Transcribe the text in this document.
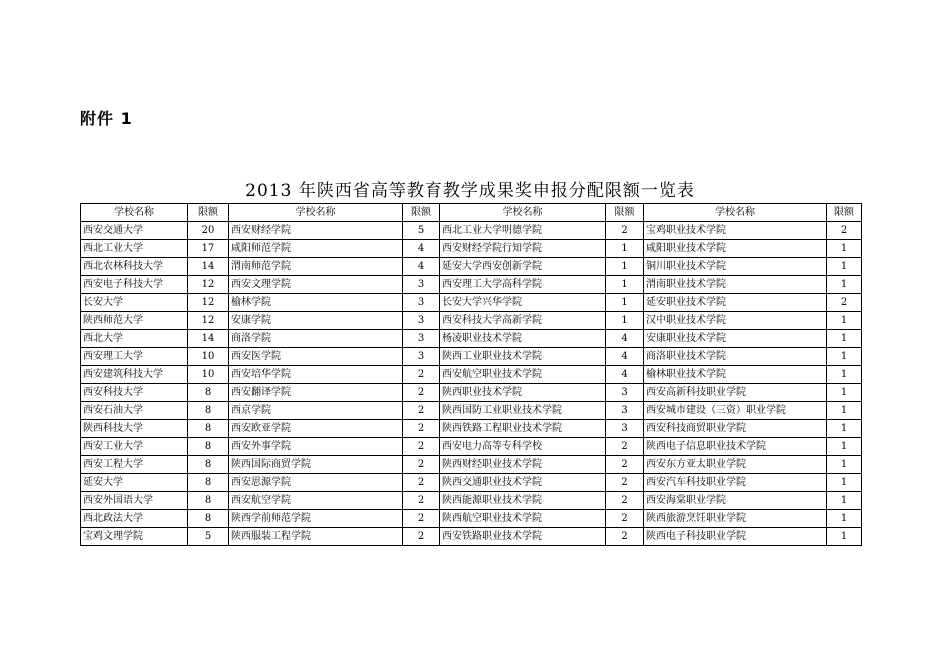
附件 1
2013 年陕西省高等教育教学成果奖申报分配限额一览表
学校名称	限额	学校名称	限额	学校名称	限额	学校名称	限额
西安交通大学	20	西安财经学院	5	西北工业大学明德学院	2	宝鸡职业技术学院	2
西北工业大学	17	咸阳师范学院	4	西安财经学院行知学院	1	咸阳职业技术学院	1
西北农林科技大学	14	渭南师范学院	4	延安大学西安创新学院	1	铜川职业技术学院	1
西安电子科技大学	12	西安文理学院	3	西安理工大学高科学院	1	渭南职业技术学院	1
长安大学	12	榆林学院	3	长安大学兴华学院	1	延安职业技术学院	2
陕西师范大学	12	安康学院	3	西安科技大学高新学院	1	汉中职业技术学院	1
西北大学	14	商洛学院	3	杨凌职业技术学院	4	安康职业技术学院	1
西安理工大学	10	西安医学院	3	陕西工业职业技术学院	4	商洛职业技术学院	1
西安建筑科技大学	10	西安培华学院	2	西安航空职业技术学院	4	榆林职业技术学院	1
西安科技大学	8	西安翻译学院	2	陕西职业技术学院	3	西安高新科技职业学院	1
西安石油大学	8	西京学院	2	陕西国防工业职业技术学院	3	西安城市建设（三资）职业学院	1
陕西科技大学	8	西安欧亚学院	2	陕西铁路工程职业技术学院	3	西安科技商贸职业学院	1
西安工业大学	8	西安外事学院	2	西安电力高等专科学校	2	陕西电子信息职业技术学院	1
西安工程大学	8	陕西国际商贸学院	2	陕西财经职业技术学院	2	西安东方亚太职业学院	1
延安大学	8	西安思源学院	2	陕西交通职业技术学院	2	西安汽车科技职业学院	1
西安外国语大学	8	西安航空学院	2	陕西能源职业技术学院	2	西安海棠职业学院	1
西北政法大学	8	陕西学前师范学院	2	陕西航空职业技术学院	2	陕西旅游烹饪职业学院	1
宝鸡文理学院	5	陕西服装工程学院	2	西安铁路职业技术学院	2	陕西电子科技职业学院	1
